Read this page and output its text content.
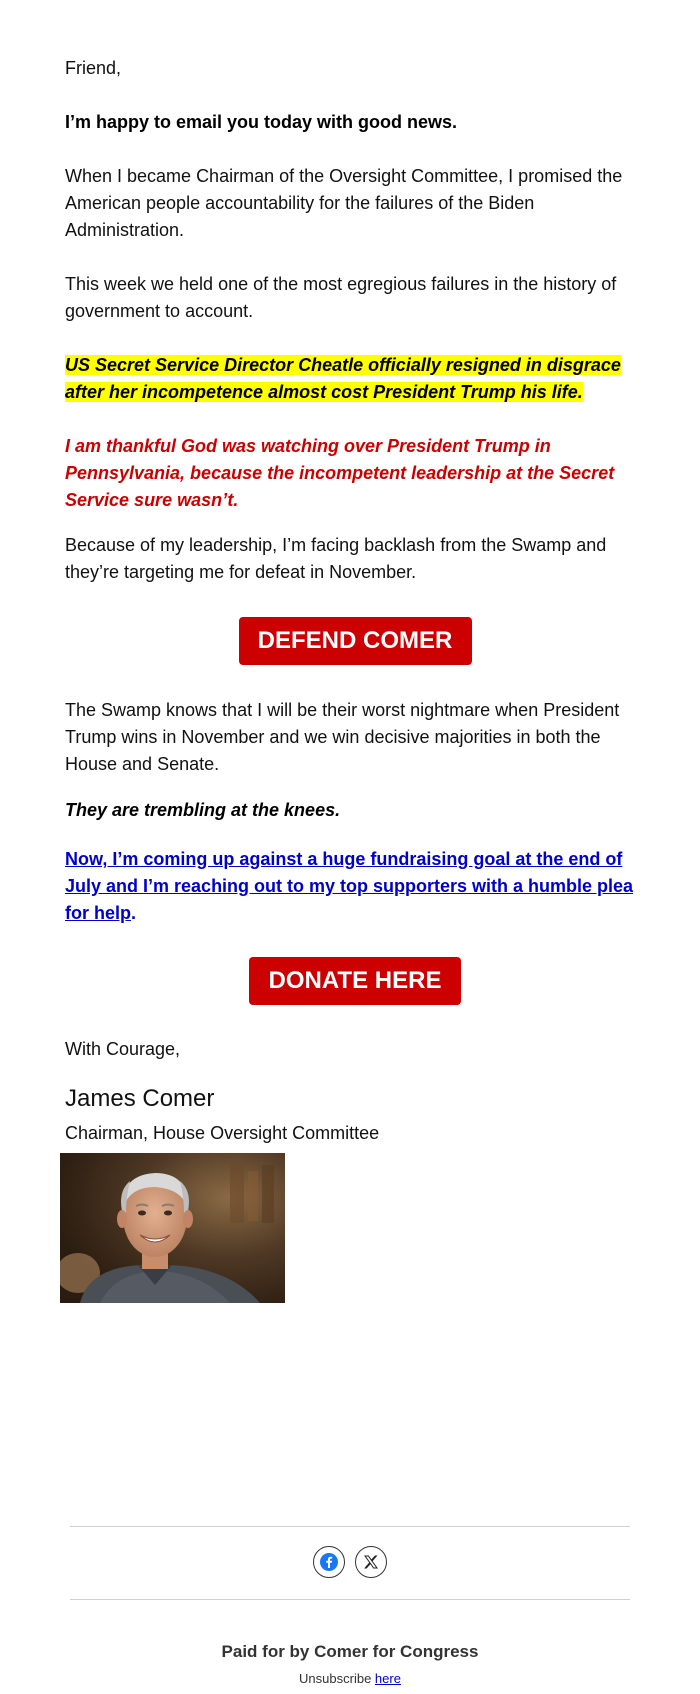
Friend,

I’m happy to email you today with good news.

When I became Chairman of the Oversight Committee, I promised the American people accountability for the failures of the Biden Administration.

This week we held one of the most egregious failures in the history of government to account.

US Secret Service Director Cheatle officially resigned in disgrace after her incompetence almost cost President Trump his life.

I am thankful God was watching over President Trump in Pennsylvania, because the incompetent leadership at the Secret Service sure wasn’t.

Because of my leadership, I’m facing backlash from the Swamp and they’re targeting me for defeat in November.

DEFEND COMER

The Swamp knows that I will be their worst nightmare when President Trump wins in November and we win decisive majorities in both the House and Senate.

They are trembling at the knees.

Now, I’m coming up against a huge fundraising goal at the end of July and I’m reaching out to my top supporters with a humble plea for help.

DONATE HERE

With Courage,

James Comer

Chairman, House Oversight Committee

Paid for by Comer for Congress
Unsubscribe here
